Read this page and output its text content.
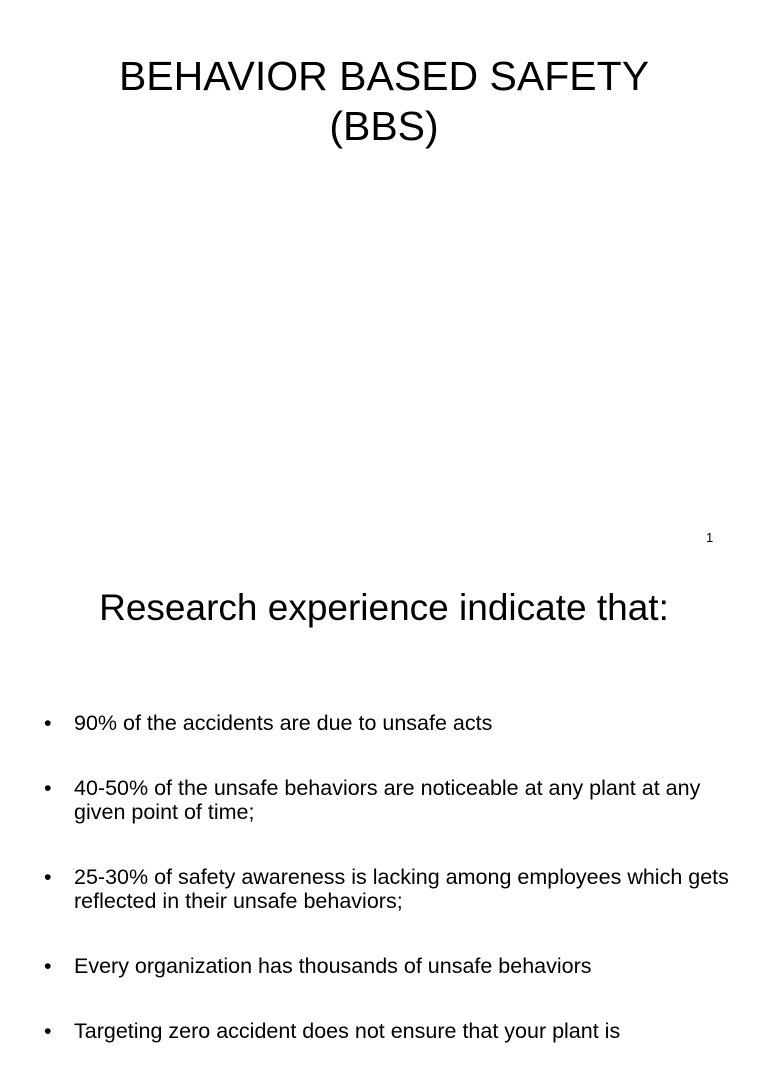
BEHAVIOR BASED SAFETY
(BBS)
1
Research experience indicate that:
• 90% of the accidents are due to unsafe acts
• 40-50% of the unsafe behaviors are noticeable at any plant at any given point of time;
• 25-30% of safety awareness is lacking among employees which gets reflected in their unsafe behaviors;
• Every organization has thousands of unsafe behaviors
• Targeting zero accident does not ensure that your plant is
